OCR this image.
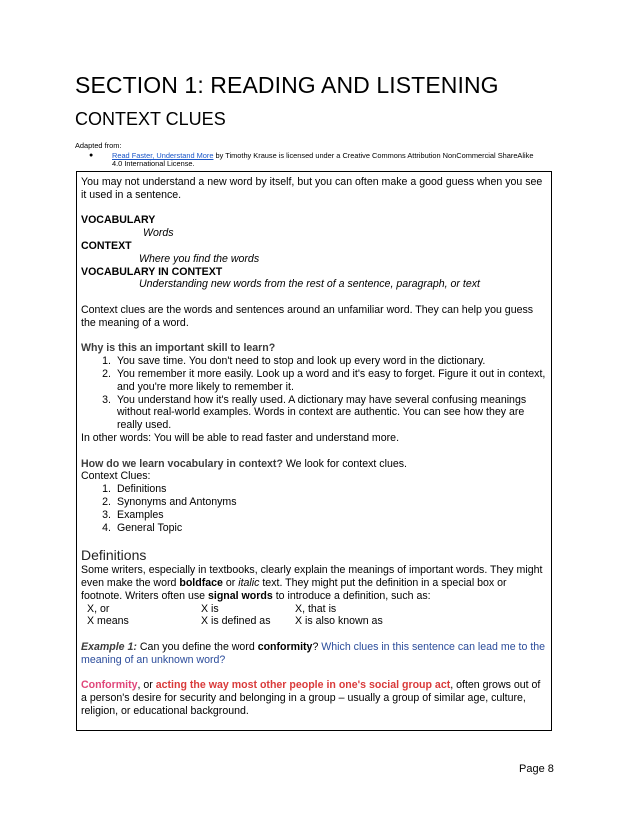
SECTION 1: READING AND LISTENING
CONTEXT CLUES
Adapted from:
●	Read Faster, Understand More by Timothy Krause is licensed under a Creative Commons Attribution NonCommercial ShareAlike 4.0 International License.

You may not understand a new word by itself, but you can often make a good guess when you see it used in a sentence.

VOCABULARY

Words

CONTEXT

Where you find the words

VOCABULARY IN CONTEXT

Understanding new words from the rest of a sentence, paragraph, or text

Context clues are the words and sentences around an unfamiliar word. They can help you guess the meaning of a word.

Why is this an important skill to learn?

1. You save time. You don't need to stop and look up every word in the dictionary.
2. You remember it more easily. Look up a word and it's easy to forget. Figure it out in context, and you're more likely to remember it.
3. You understand how it's really used. A dictionary may have several confusing meanings without real-world examples. Words in context are authentic. You can see how they are really used.

In other words: You will be able to read faster and understand more.

How do we learn vocabulary in context? We look for context clues.

Context Clues:

1. Definitions
2. Synonyms and Antonyms
3. Examples
4. General Topic

Definitions

Some writers, especially in textbooks, clearly explain the meanings of important words. They might even make the word boldface or italic text. They might put the definition in a special box or footnote. Writers often use signal words to introduce a definition, such as:

X, or	X is	X, that is
X means	X is defined as	X is also known as

Example 1: Can you define the word conformity? Which clues in this sentence can lead me to the meaning of an unknown word?

Conformity, or acting the way most other people in one's social group act, often grows out of a person's desire for security and belonging in a group – usually a group of similar age, culture, religion, or educational background.

Page 8
